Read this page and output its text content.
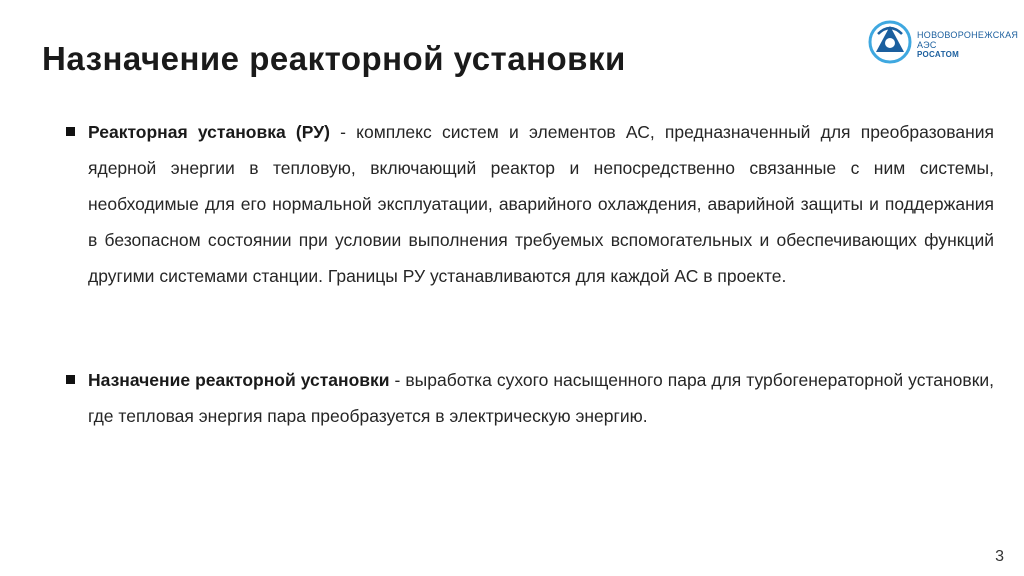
Назначение реакторной установки
НОВОВОРОНЕЖСКАЯ
АЭС
РОСАТОМ
Реакторная установка (РУ) - комплекс систем и элементов АС, предназначенный для преобразования ядерной энергии в тепловую, включающий реактор и непосредственно связанные с ним системы, необходимые для его нормальной эксплуатации, аварийного охлаждения, аварийной защиты и поддержания в безопасном состоянии при условии выполнения требуемых вспомогательных и обеспечивающих функций другими системами станции. Границы РУ устанавливаются для каждой АС в проекте.
Назначение реакторной установки - выработка сухого насыщенного пара для турбогенераторной установки, где тепловая энергия пара преобразуется в электрическую энергию.
3
